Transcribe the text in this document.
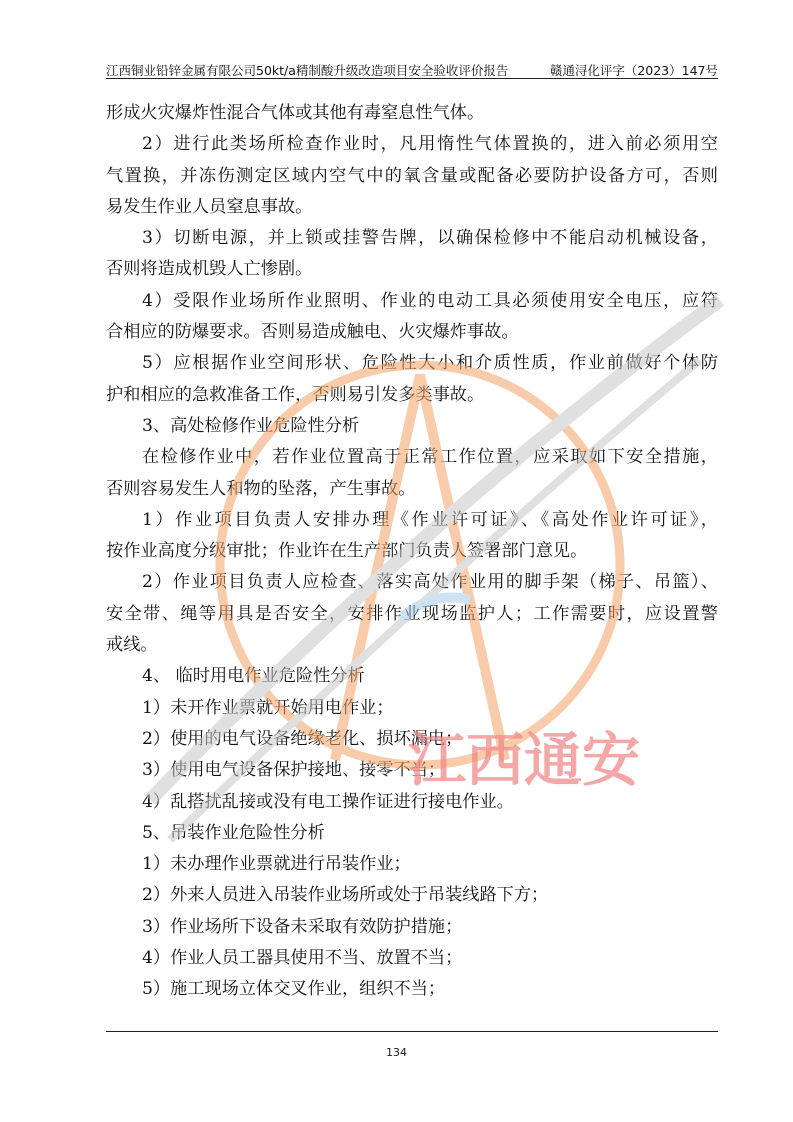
江西铜业铅锌金属有限公司50kt/a精制酸升级改造项目安全验收评价报告	赣通浔化评字（2023）147号
形成火灾爆炸性混合气体或其他有毒窒息性气体。
2）进行此类场所检查作业时，凡用惰性气体置换的，进入前必须用空
气置换，并冻伤测定区域内空气中的氧含量或配备必要防护设备方可，否则
易发生作业人员窒息事故。
3）切断电源，并上锁或挂警告牌，以确保检修中不能启动机械设备，
否则将造成机毁人亡惨剧。
4）受限作业场所作业照明、作业的电动工具必须使用安全电压，应符
合相应的防爆要求。否则易造成触电、火灾爆炸事故。
5）应根据作业空间形状、危险性大小和介质性质，作业前做好个体防
护和相应的急救准备工作，否则易引发多类事故。
3、高处检修作业危险性分析
在检修作业中，若作业位置高于正常工作位置，应采取如下安全措施，
否则容易发生人和物的坠落，产生事故。
1）作业项目负责人安排办理《作业许可证》、《高处作业许可证》，
按作业高度分级审批；作业许在生产部门负责人签署部门意见。
2）作业项目负责人应检查、落实高处作业用的脚手架（梯子、吊篮）、
安全带、绳等用具是否安全，安排作业现场监护人；工作需要时，应设置警
戒线。
4、 临时用电作业危险性分析
1）未开作业票就开始用电作业；
2）使用的电气设备绝缘老化、损坏漏电；
3）使用电气设备保护接地、接零不当；
4）乱搭扰乱接或没有电工操作证进行接电作业。
5、吊装作业危险性分析
1）未办理作业票就进行吊装作业；
2）外来人员进入吊装作业场所或处于吊装线路下方；
3）作业场所下设备未采取有效防护措施；
4）作业人员工器具使用不当、放置不当；
5）施工现场立体交叉作业，组织不当；
江西通安
134
